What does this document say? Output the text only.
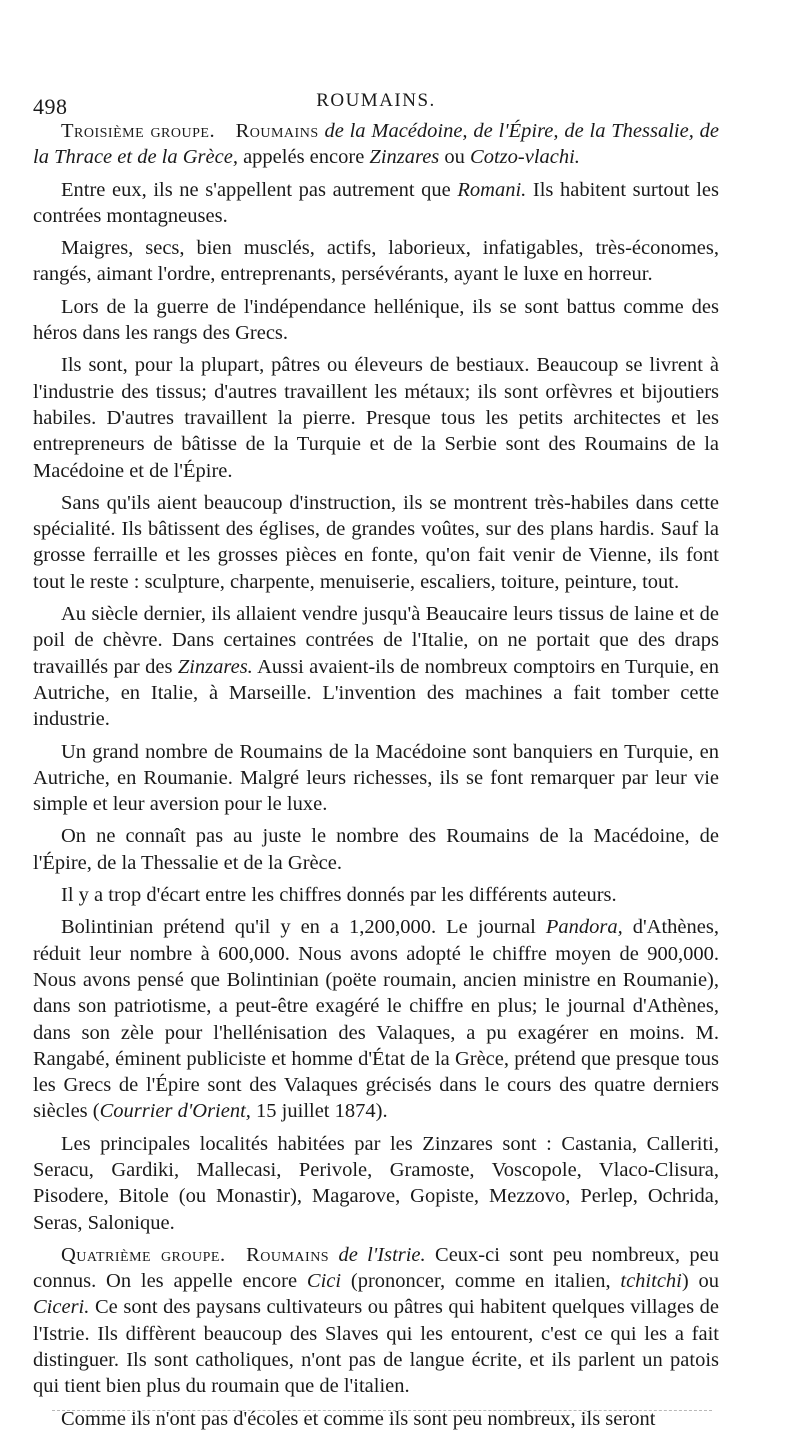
498	ROUMAINS.

Troisième groupe.  Roumains de la Macédoine, de l'Épire, de la Thessalie, de la Thrace et de la Grèce, appelés encore Zinzares ou Cotzo-vlachi.

Entre eux, ils ne s'appellent pas autrement que Romani. Ils habitent surtout les contrées montagneuses.

Maigres, secs, bien musclés, actifs, laborieux, infatigables, très-économes, rangés, aimant l'ordre, entreprenants, persévérants, ayant le luxe en horreur.

Lors de la guerre de l'indépendance hellénique, ils se sont battus comme des héros dans les rangs des Grecs.

Ils sont, pour la plupart, pâtres ou éleveurs de bestiaux. Beaucoup se livrent à l'industrie des tissus; d'autres travaillent les métaux; ils sont orfèvres et bijoutiers habiles. D'autres travaillent la pierre. Presque tous les petits architectes et les entrepreneurs de bâtisse de la Turquie et de la Serbie sont des Roumains de la Macédoine et de l'Épire.

Sans qu'ils aient beaucoup d'instruction, ils se montrent très-habiles dans cette spécialité. Ils bâtissent des églises, de grandes voûtes, sur des plans hardis. Sauf la grosse ferraille et les grosses pièces en fonte, qu'on fait venir de Vienne, ils font tout le reste : sculpture, charpente, menuiserie, escaliers, toiture, peinture, tout.

Au siècle dernier, ils allaient vendre jusqu'à Beaucaire leurs tissus de laine et de poil de chèvre. Dans certaines contrées de l'Italie, on ne portait que des draps travaillés par des Zinzares. Aussi avaient-ils de nombreux comptoirs en Turquie, en Autriche, en Italie, à Marseille. L'invention des machines a fait tomber cette industrie.

Un grand nombre de Roumains de la Macédoine sont banquiers en Turquie, en Autriche, en Roumanie. Malgré leurs richesses, ils se font remarquer par leur vie simple et leur aversion pour le luxe.

On ne connaît pas au juste le nombre des Roumains de la Macédoine, de l'Épire, de la Thessalie et de la Grèce.

Il y a trop d'écart entre les chiffres donnés par les différents auteurs.

Bolintinian prétend qu'il y en a 1,200,000. Le journal Pandora, d'Athènes, réduit leur nombre à 600,000. Nous avons adopté le chiffre moyen de 900,000. Nous avons pensé que Bolintinian (poëte roumain, ancien ministre en Roumanie), dans son patriotisme, a peut-être exagéré le chiffre en plus; le journal d'Athènes, dans son zèle pour l'hellénisation des Valaques, a pu exagérer en moins. M. Rangabé, éminent publiciste et homme d'État de la Grèce, prétend que presque tous les Grecs de l'Épire sont des Valaques grécisés dans le cours des quatre derniers siècles (Courrier d'Orient, 15 juillet 1874).

Les principales localités habitées par les Zinzares sont : Castania, Calleriti, Seracu, Gardiki, Mallecasi, Perivole, Gramoste, Voscopole, Vlaco-Clisura, Pisodere, Bitole (ou Monastir), Magarove, Gopiste, Mezzovo, Perlep, Ochrida, Seras, Salonique.

Quatrième groupe.  Roumains de l'Istrie. Ceux-ci sont peu nombreux, peu connus. On les appelle encore Cici (prononcer, comme en italien, tchitchi) ou Ciceri. Ce sont des paysans cultivateurs ou pâtres qui habitent quelques villages de l'Istrie. Ils diffèrent beaucoup des Slaves qui les entourent, c'est ce qui les a fait distinguer. Ils sont catholiques, n'ont pas de langue écrite, et ils parlent un patois qui tient bien plus du roumain que de l'italien.

Comme ils n'ont pas d'écoles et comme ils sont peu nombreux, ils seront
